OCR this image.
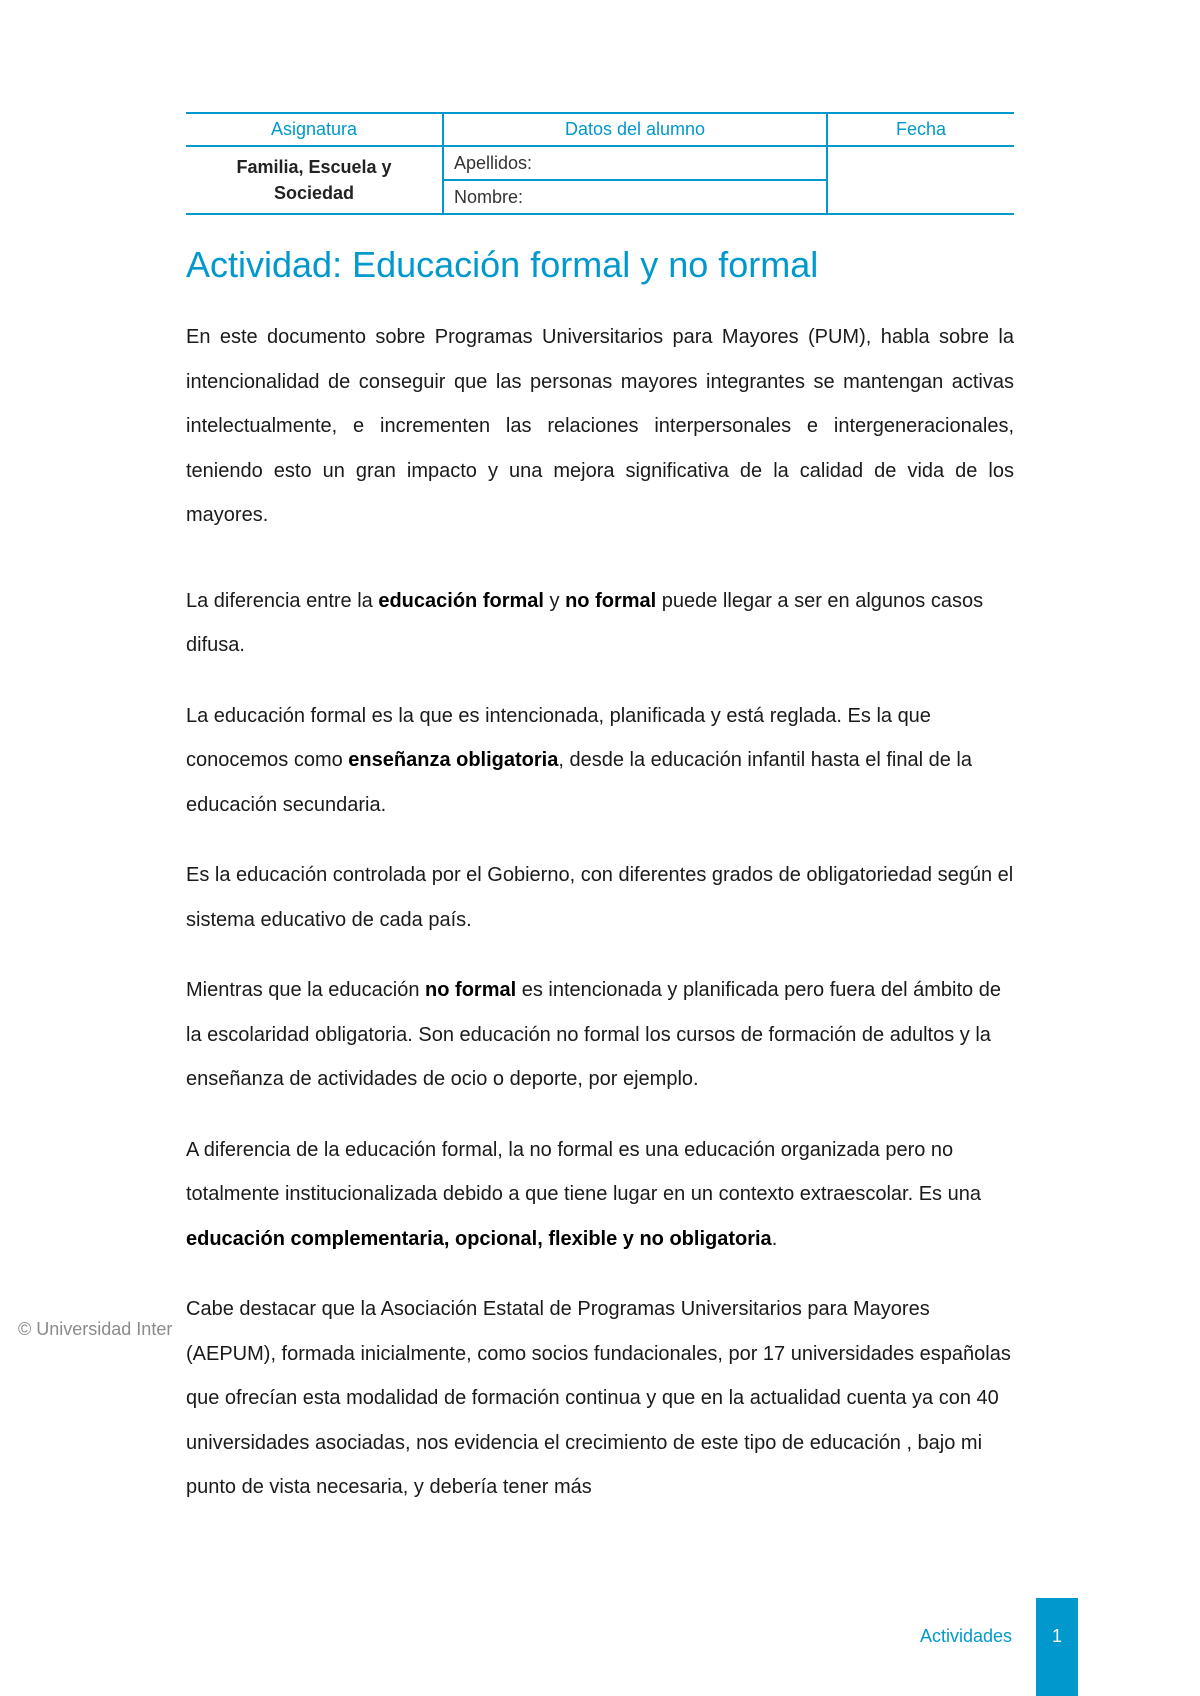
Asignatura	Datos del alumno	Fecha
Familia, Escuela y
Sociedad	Apellidos:	
	Nombre:	
Actividad: Educación formal y no formal

En este documento sobre Programas Universitarios para Mayores (PUM), habla sobre la intencionalidad de conseguir que las personas mayores integrantes se mantengan activas intelectualmente, e incrementen las relaciones interpersonales e intergeneracionales, teniendo esto un gran impacto y una mejora significativa de la calidad de vida de los mayores.

La diferencia entre la educación formal y no formal puede llegar a ser en algunos casos difusa.

La educación formal es la que es intencionada, planificada y está reglada. Es la que conocemos como enseñanza obligatoria, desde la educación infantil hasta el final de la educación secundaria.

Es la educación controlada por el Gobierno, con diferentes grados de obligatoriedad según el sistema educativo de cada país.

Mientras que la educación no formal es intencionada y planificada pero fuera del ámbito de la escolaridad obligatoria. Son educación no formal los cursos de formación de adultos y la enseñanza de actividades de ocio o deporte, por ejemplo.

A diferencia de la educación formal, la no formal es una educación organizada pero no totalmente institucionalizada debido a que tiene lugar en un contexto extraescolar. Es una educación complementaria, opcional, flexible y no obligatoria.

Cabe destacar que la Asociación Estatal de Programas Universitarios para Mayores (AEPUM), formada inicialmente, como socios fundacionales, por 17 universidades españolas que ofrecían esta modalidad de formación continua y que en la actualidad cuenta ya con 40 universidades asociadas, nos evidencia el crecimiento de este tipo de educación , bajo mi punto de vista necesaria, y debería tener más

© Universidad Inter
Actividades	1
